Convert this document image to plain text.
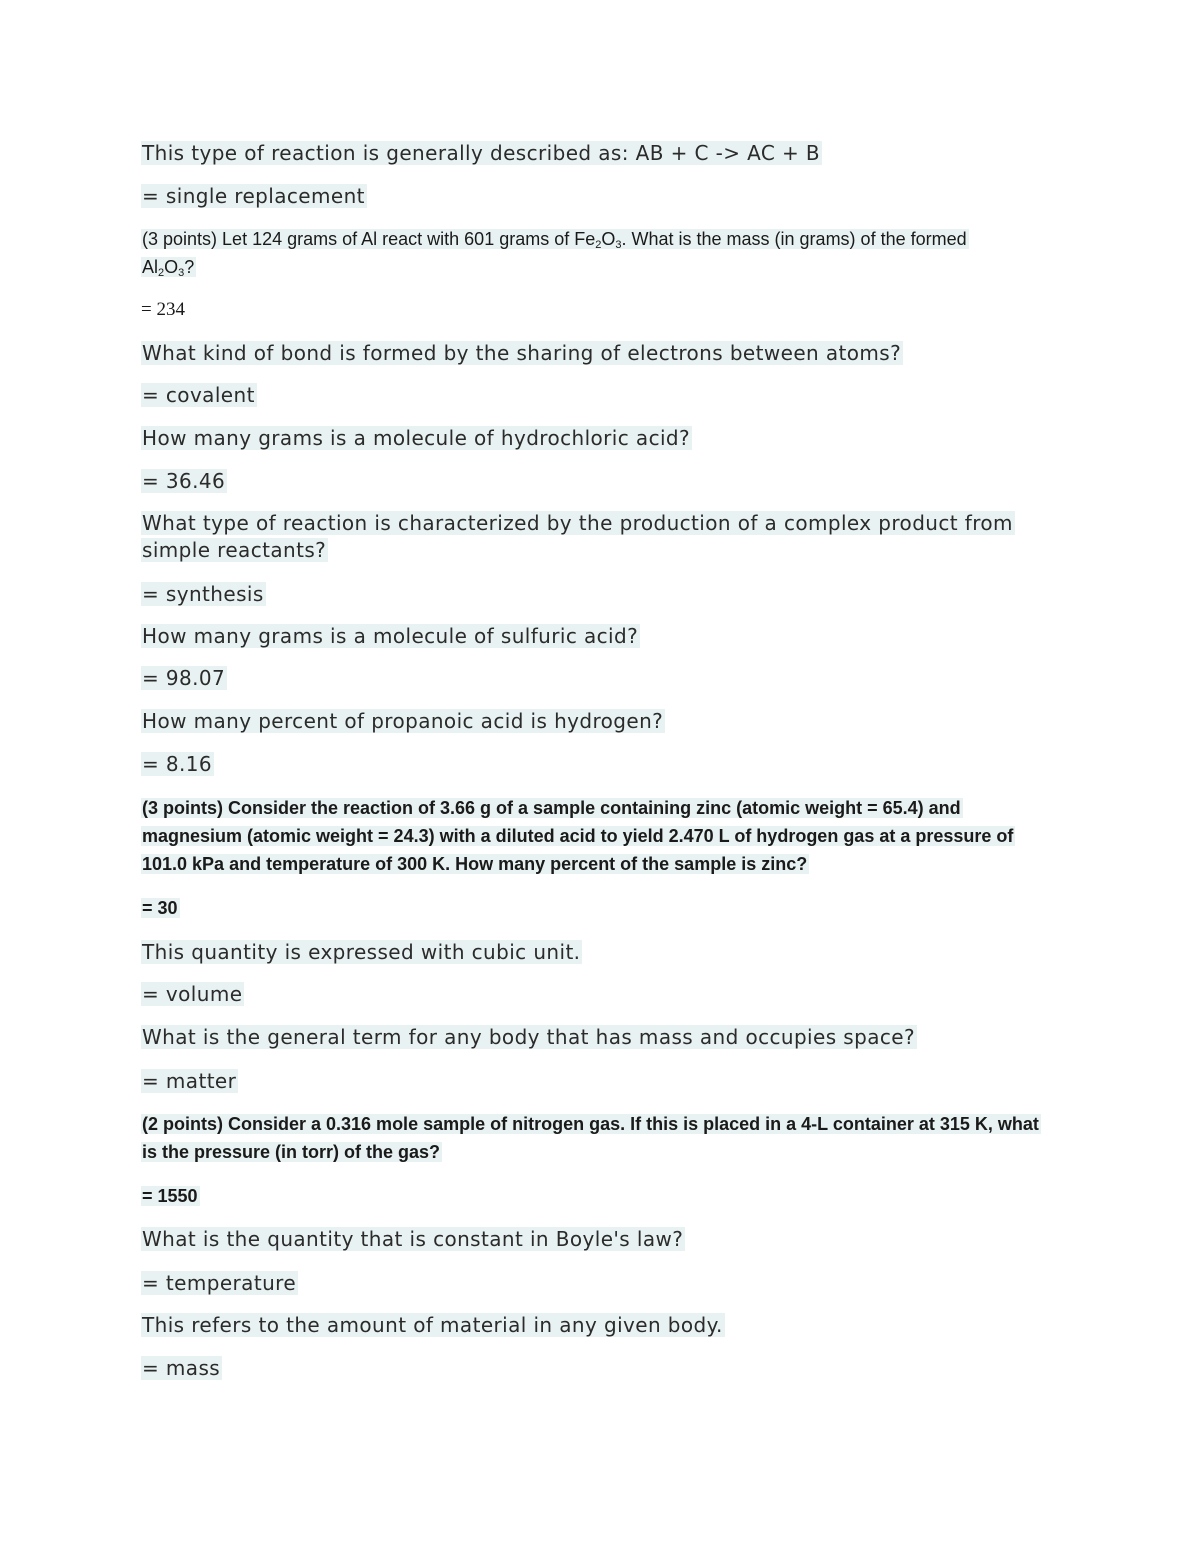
This type of reaction is generally described as: AB + C -> AC + B
= single replacement
(3 points) Let 124 grams of Al react with 601 grams of $Fe_2O_3$. What is the mass (in grams) of the formed
$Al_2O_3$?
= 234
What kind of bond is formed by the sharing of electrons between atoms?
= covalent
How many grams is a molecule of hydrochloric acid?
= 36.46
What type of reaction is characterized by the production of a complex product from
simple reactants?
= synthesis
How many grams is a molecule of sulfuric acid?
= 98.07
How many percent of propanoic acid is hydrogen?
= 8.16
(3 points) Consider the reaction of 3.66 g of a sample containing zinc (atomic weight = 65.4) and
magnesium (atomic weight = 24.3) with a diluted acid to yield 2.470 L of hydrogen gas at a pressure of
101.0 kPa and temperature of 300 K. How many percent of the sample is zinc?
= 30
This quantity is expressed with cubic unit.
= volume
What is the general term for any body that has mass and occupies space?
= matter
(2 points) Consider a 0.316 mole sample of nitrogen gas. If this is placed in a 4-L container at 315 K, what
is the pressure (in torr) of the gas?
= 1550
What is the quantity that is constant in Boyle's law?
= temperature
This refers to the amount of material in any given body.
= mass
